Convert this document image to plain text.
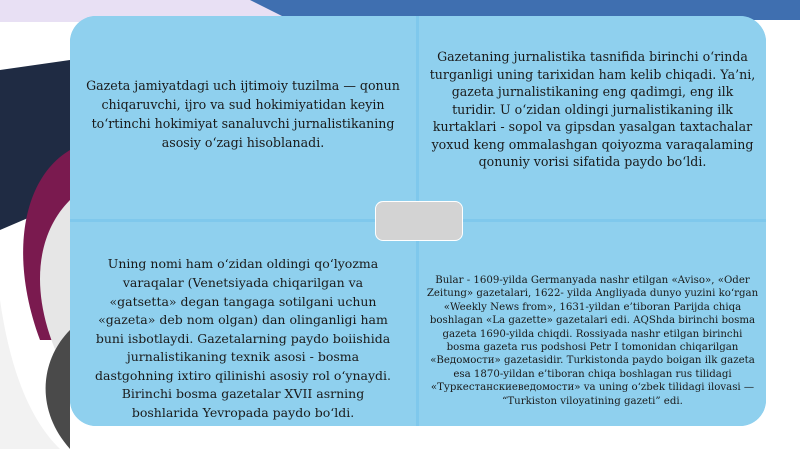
Gazeta jamiyatdagi uch ijtimoiy tuzilma — qonun chiqaruvchi, ijro va sud hokimiyatidan keyin to‘rtinchi hokimiyat sanaluvchi jurnalistikaning asosiy o‘zagi hisoblanadi.
Gazetaning jurnalistika tasnifida birinchi o‘rinda turganligi uning tarixidan ham kelib chiqadi. Ya’ni, gazeta jurnalistikaning eng qadimgi, eng ilk turidir. U o‘zidan oldingi jurnalistikaning ilk kurtaklari - sopol va gipsdan yasalgan taxtachalar yoxud keng ommalashgan qoiyozma varaqalaming qonuniy vorisi sifatida paydo bo‘ldi.
Uning nomi ham o‘zidan oldingi qo‘lyozma varaqalar (Venetsiyada chiqarilgan va «gatsetta» degan tangaga sotilgani uchun «gazeta» deb nom olgan) dan olinganligi ham buni isbotlaydi. Gazetalarning paydo boiishida jurnalistikaning texnik asosi - bosma dastgohning ixtiro qilinishi asosiy rol o‘ynaydi. Birinchi bosma gazetalar XVII asrning boshlarida Yevropada paydo bo‘ldi.
Bular - 1609-yilda Germanyada nashr etilgan «Aviso», «Oder Zeitung» gazetalari, 1622- yilda Angliyada dunyo yuzini ko‘rgan «Weekly News from», 1631-yildan e’tiboran Parijda chiqa boshlagan «La gazette» gazetalari edi. AQShda birinchi bosma gazeta 1690-yilda chiqdi. Rossiyada nashr etilgan birinchi bosma gazeta rus podshosi Petr I tomonidan chiqarilgan «Ведомости» gazetasidir. Turkistonda paydo boigan ilk gazeta esa 1870-yildan e’tiboran chiqa boshlagan rus tilidagi «Туркестанскиеведомости» va uning o‘zbek tilidagi ilovasi — “Turkiston viloyatining gazeti” edi.
